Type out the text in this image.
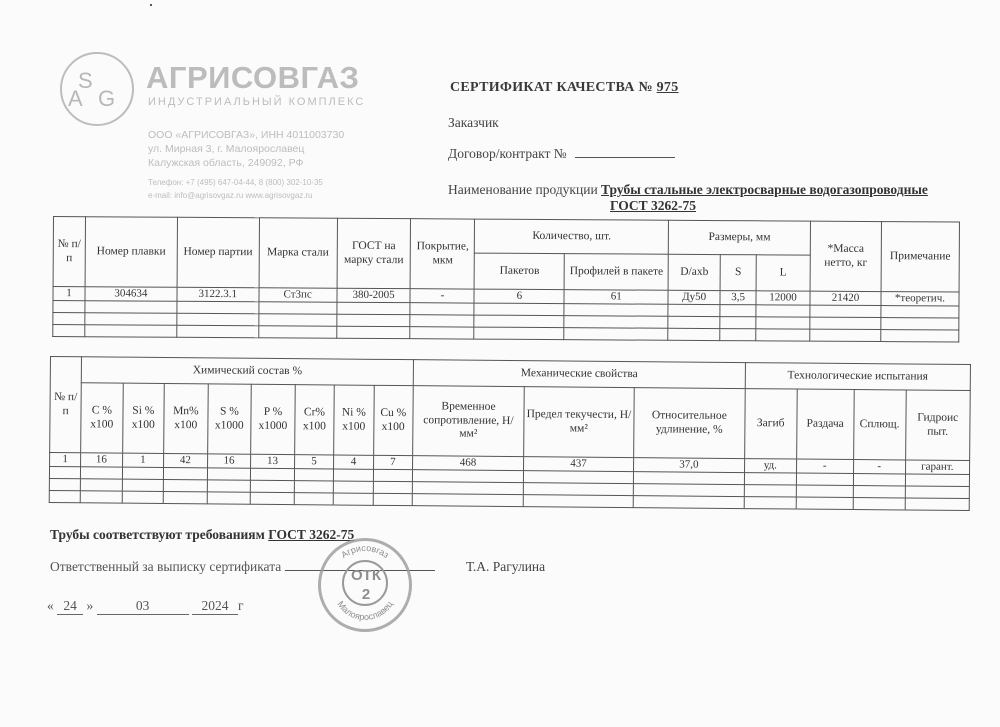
S
A G
АГРИСОВГАЗ
ИНДУСТРИАЛЬНЫЙ КОМПЛЕКС
ООО «АГРИСОВГАЗ», ИНН 4011003730
ул. Мирная 3, г. Малоярославец
Калужская область, 249092, РФ
Телефон: +7 (495) 647-04-44, 8 (800) 302-10-35
e-mail: info@agrisovgaz.ru www.agrisovgaz.ru
СЕРТИФИКАТ КАЧЕСТВА № 975
Заказчик
Договор/контракт №
Наименование продукции Трубы стальные электросварные водогазопроводные
ГОСТ 3262-75
№ п/п	Номер плавки	Номер партии	Марка стали	ГОСТ на марку стали	Покрытие, мкм	Количество, шт.		Размеры, мм			*Масса нетто, кг	Примечание
						Пакетов	Профилей в пакете	D/axb	S	L		
1	304634	3122.3.1	Ст3пс	380-2005	-	6	61	Ду50	3,5	12000	21420	*теоретич.

№ п/п	Химический состав %								Механические свойства			Технологические испытания			
	C % x100	Si % x100	Mn% x100	S % x1000	P % x1000	Cr% x100	Ni % x100	Cu % x100	Временное сопротивление, Н/мм²	Предел текучести, Н/мм²	Относительное удлинение, %	Загиб	Раздача	Сплющ.	Гидроис пыт.
1	16	1	42	16	13	5	4	7	468	437	37,0	уд.	-	-	гарант.

Трубы соответствуют требованиям ГОСТ 3262-75
Ответственный за выписку сертификата	Т.А. Рагулина
« 24 »	03	2024 г
Агрисовгаз
Малоярославец
ОТК
2
